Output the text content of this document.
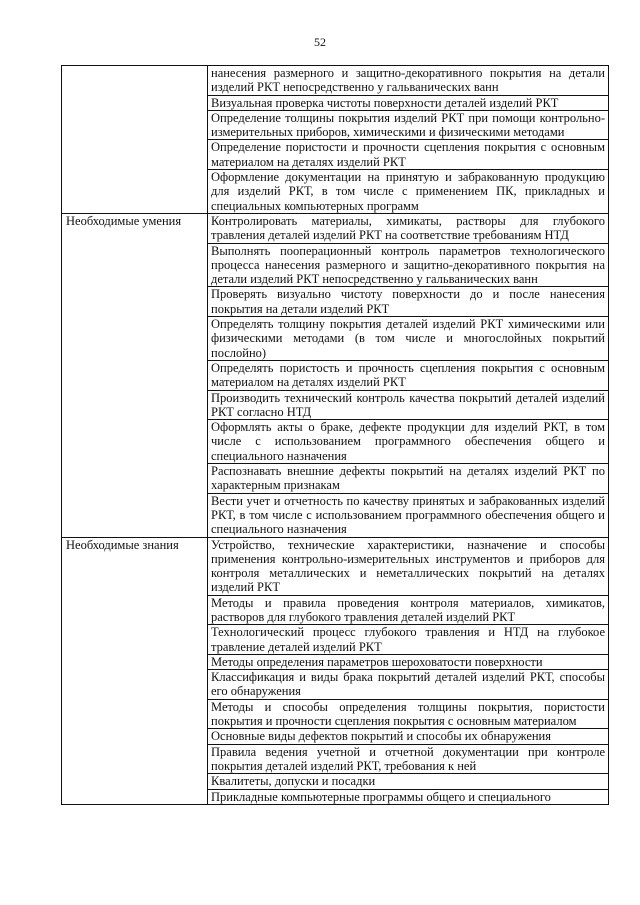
52
	нанесения размерного и защитно-декоративного покрытия на детали изделий РКТ непосредственно у гальванических ванн
	Визуальная проверка чистоты поверхности деталей изделий РКТ
	Определение толщины покрытия изделий РКТ при помощи контрольно-измерительных приборов, химическими и физическими методами
	Определение пористости и прочности сцепления покрытия с основным материалом на деталях изделий РКТ
	Оформление документации на принятую и забракованную продукцию для изделий РКТ, в том числе с применением ПК, прикладных и специальных компьютерных программ
Необходимые умения	Контролировать материалы, химикаты, растворы для глубокого травления деталей изделий РКТ на соответствие требованиям НТД
	Выполнять пооперационный контроль параметров технологического процесса нанесения размерного и защитно-декоративного покрытия на детали изделий РКТ непосредственно у гальванических ванн
	Проверять визуально чистоту поверхности до и после нанесения покрытия на детали изделий РКТ
	Определять толщину покрытия деталей изделий РКТ химическими или физическими методами (в том числе и многослойных покрытий послойно)
	Определять пористость и прочность сцепления покрытия с основным материалом на деталях изделий РКТ
	Производить технический контроль качества покрытий деталей изделий РКТ согласно НТД
	Оформлять акты о браке, дефекте продукции для изделий РКТ, в том числе с использованием программного обеспечения общего и специального назначения
	Распознавать внешние дефекты покрытий на деталях изделий РКТ по характерным признакам
	Вести учет и отчетность по качеству принятых и забракованных изделий РКТ, в том числе с использованием программного обеспечения общего и специального назначения
Необходимые знания	Устройство, технические характеристики, назначение и способы применения контрольно-измерительных инструментов и приборов для контроля металлических и неметаллических покрытий на деталях изделий РКТ
	Методы и правила проведения контроля материалов, химикатов, растворов для глубокого травления деталей изделий РКТ
	Технологический процесс глубокого травления и НТД на глубокое травление деталей изделий РКТ
	Методы определения параметров шероховатости поверхности
	Классификация и виды брака покрытий деталей изделий РКТ, способы его обнаружения
	Методы и способы определения толщины покрытия, пористости покрытия и прочности сцепления покрытия с основным материалом
	Основные виды дефектов покрытий и способы их обнаружения
	Правила ведения учетной и отчетной документации при контроле покрытия деталей изделий РКТ, требования к ней
	Квалитеты, допуски и посадки
	Прикладные компьютерные программы общего и специального
